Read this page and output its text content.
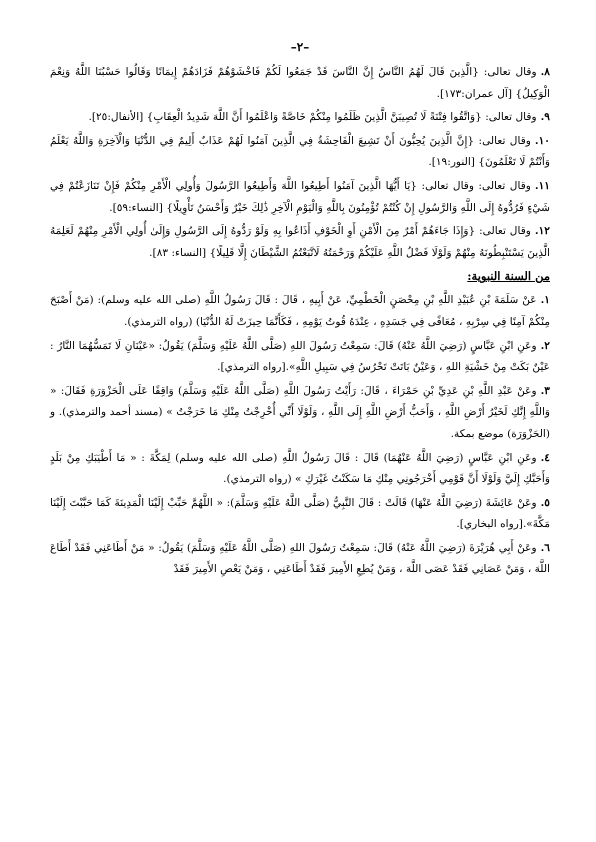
–٢–

٨.وقال تعالى: {الَّذِينَ قَالَ لَهُمُ النَّاسُ إِنَّ النَّاسَ قَدْ جَمَعُوا لَكُمْ فَاخْشَوْهُمْ فَزَادَهُمْ إِيمَانًا وَقَالُوا حَسْبُنَا اللَّهُ وَنِعْمَ الْوَكِيلُ} [آل عمران:١٧٣].

٩.وقال تعالى: {وَاتَّقُوا فِتْنَةً لَا تُصِيبَنَّ الَّذِينَ ظَلَمُوا مِنْكُمْ خَاصَّةً وَاعْلَمُوا أَنَّ اللَّهَ شَدِيدُ الْعِقَابِ} [الأنفال:٢٥].

١٠.وقال تعالى: {إِنَّ الَّذِينَ يُحِبُّونَ أَنْ تَشِيعَ الْفَاحِشَةُ فِي الَّذِينَ آمَنُوا لَهُمْ عَذَابٌ أَلِيمٌ فِي الدُّنْيَا وَالْآخِرَةِ وَاللَّهُ يَعْلَمُ وَأَنْتُمْ لَا تَعْلَمُونَ} [النور:١٩].

١١.وقال تعالى: وقال تعالى: {يَا أَيُّهَا الَّذِينَ آمَنُوا أَطِيعُوا اللَّهَ وَأَطِيعُوا الرَّسُولَ وَأُولِي الْأَمْرِ مِنْكُمْ فَإِنْ تَنَازَعْتُمْ فِي شَيْءٍ فَرُدُّوهُ إِلَى اللَّهِ وَالرَّسُولِ إِنْ كُنْتُمْ تُؤْمِنُونَ بِاللَّهِ وَالْيَوْمِ الْآخِرِ ذَٰلِكَ خَيْرٌ وَأَحْسَنُ تَأْوِيلًا} [النساء:٥٩].

١٢.وقال تعالى: {وَإِذَا جَاءَهُمْ أَمْرٌ مِنَ الْأَمْنِ أَوِ الْخَوْفِ أَذَاعُوا بِهِ وَلَوْ رَدُّوهُ إِلَى الرَّسُولِ وَإِلَىٰ أُولِي الْأَمْرِ مِنْهُمْ لَعَلِمَهُ الَّذِينَ يَسْتَنْبِطُونَهُ مِنْهُمْ وَلَوْلَا فَضْلُ اللَّهِ عَلَيْكُمْ وَرَحْمَتُهُ لَاتَّبَعْتُمُ الشَّيْطَانَ إِلَّا قَلِيلًا} [النساء: ٨٣].

من السنة النبوية:

١.عَنْ سَلَمَةَ بْنِ عُبَيْدِ اللَّهِ بْنِ مِحْصَنٍ الْخَطْمِيِّ، عَنْ أَبِيهِ ، قَالَ : قَالَ رَسُولُ اللَّهِ (صلى الله عليه وسلم): (مَنْ أَصْبَحَ مِنْكُمْ آمِنًا فِي سِرْبِهِ ، مُعَافًى فِي جَسَدِهِ ، عِنْدَهُ قُوتُ يَوْمِهِ ، فَكَأَنَّمَا حِيزَتْ لَهُ الدُّنْيَا) (رواه الترمذي).

٢.وعَنِ ابْنِ عَبَّاسٍ (رَضِيَ اللَّهُ عَنْهُ) قَالَ: سَمِعْتُ رَسُولَ اللهِ (صَلَّى اللَّهُ عَلَيْهِ وَسَلَّمَ) يَقُولُ: «عَيْنَانِ لَا تَمَسُّهُمَا النَّارُ : عَيْنٌ بَكَتْ مِنْ خَشْيَةِ اللهِ ، وَعَيْنٌ بَاتَتْ تَحْرُسُ فِي سَبِيلِ اللَّهِ».[رواه الترمذي].

٣.وعَنْ عَبْدِ اللَّهِ بْنِ عَدِيِّ بْنِ حَمْرَاءَ ، قَالَ: رَأَيْتُ رَسُولَ اللَّهِ (صَلَّى اللَّهُ عَلَيْهِ وَسَلَّمَ) وَاقِفًا عَلَى الْحَزْوَرَةِ فَقَالَ: « وَاللَّهِ إِنَّكِ لَخَيْرُ أَرْضِ اللَّهِ ، وَأَحَبُّ أَرْضِ اللَّهِ إِلَى اللَّهِ ، وَلَوْلَا أَنِّي أُخْرِجْتُ مِنْكِ مَا خَرَجْتُ » (مسند أحمد والترمذي). و (الحَزْوَرَة) موضع بمكة.

٤.وعَنِ ابْنِ عَبَّاسٍ (رَضِيَ اللَّهُ عَنْهُمَا) قَالَ : قَالَ رَسُولُ اللَّهِ (صلى الله عليه وسلم) لِمَكَّةَ : « مَا أَطْيَبَكِ مِنْ بَلَدٍ وَأَحَبَّكِ إِلَيَّ وَلَوْلَا أَنَّ قَوْمِي أَخْرَجُونِي مِنْكِ مَا سَكَنْتُ غَيْرَكِ » (رواه الترمذي).

٥.وعَنْ عَائِشَةَ (رَضِيَ اللَّهُ عَنْهَا) قَالَتْ : قَالَ النَّبِيُّ (صَلَّى اللَّهُ عَلَيْهِ وَسَلَّمَ): « اللَّهُمَّ حَبِّبْ إِلَيْنَا الْمَدِينَةَ كَمَا حَبَّبْتَ إِلَيْنَا مَكَّةَ».[رواه البخاري].

٦.وعَنْ أَبِي هُرَيْرَةَ (رَضِيَ اللَّهُ عَنْهُ) قَالَ: سَمِعْتُ رَسُولَ اللهِ (صَلَّى اللَّهُ عَلَيْهِ وَسَلَّمَ) يَقُولُ: « مَنْ أَطَاعَنِي فَقَدْ أَطَاعَ اللَّهَ ، وَمَنْ عَصَانِي فَقَدْ عَصَى اللَّهَ ، وَمَنْ يُطِعِ الأَمِيرَ فَقَدْ أَطَاعَنِي ، وَمَنْ يَعْصِ الأَمِيرَ فَقَدْ
